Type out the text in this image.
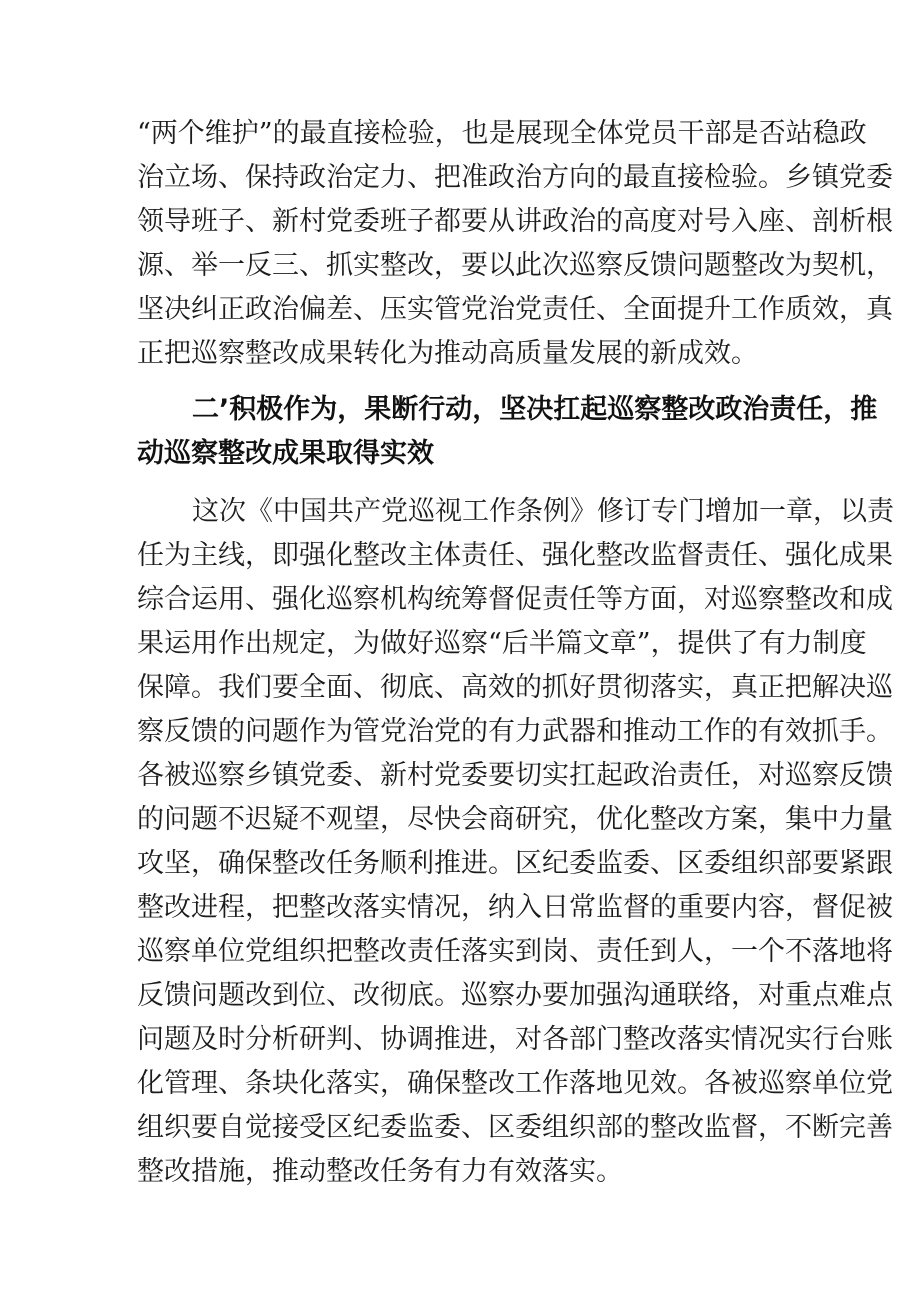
“两个维护”的最直接检验，也是展现全体党员干部是否站稳政
治立场、保持政治定力、把准政治方向的最直接检验。乡镇党委
领导班子、新村党委班子都要从讲政治的高度对号入座、剖析根
源、举一反三、抓实整改，要以此次巡察反馈问题整改为契机，
坚决纠正政治偏差、压实管党治党责任、全面提升工作质效，真
正把巡察整改成果转化为推动高质量发展的新成效。
二’积极作为，果断行动，坚决扛起巡察整改政治责任，推
动巡察整改成果取得实效
这次《中国共产党巡视工作条例》修订专门增加一章，以责
任为主线，即强化整改主体责任、强化整改监督责任、强化成果
综合运用、强化巡察机构统筹督促责任等方面，对巡察整改和成
果运用作出规定，为做好巡察“后半篇文章”，提供了有力制度
保障。我们要全面、彻底、高效的抓好贯彻落实，真正把解决巡
察反馈的问题作为管党治党的有力武器和推动工作的有效抓手。
各被巡察乡镇党委、新村党委要切实扛起政治责任，对巡察反馈
的问题不迟疑不观望，尽快会商研究，优化整改方案，集中力量
攻坚，确保整改任务顺利推进。区纪委监委、区委组织部要紧跟
整改进程，把整改落实情况，纳入日常监督的重要内容，督促被
巡察单位党组织把整改责任落实到岗、责任到人，一个不落地将
反馈问题改到位、改彻底。巡察办要加强沟通联络，对重点难点
问题及时分析研判、协调推进，对各部门整改落实情况实行台账
化管理、条块化落实，确保整改工作落地见效。各被巡察单位党
组织要自觉接受区纪委监委、区委组织部的整改监督，不断完善
整改措施，推动整改任务有力有效落实。
